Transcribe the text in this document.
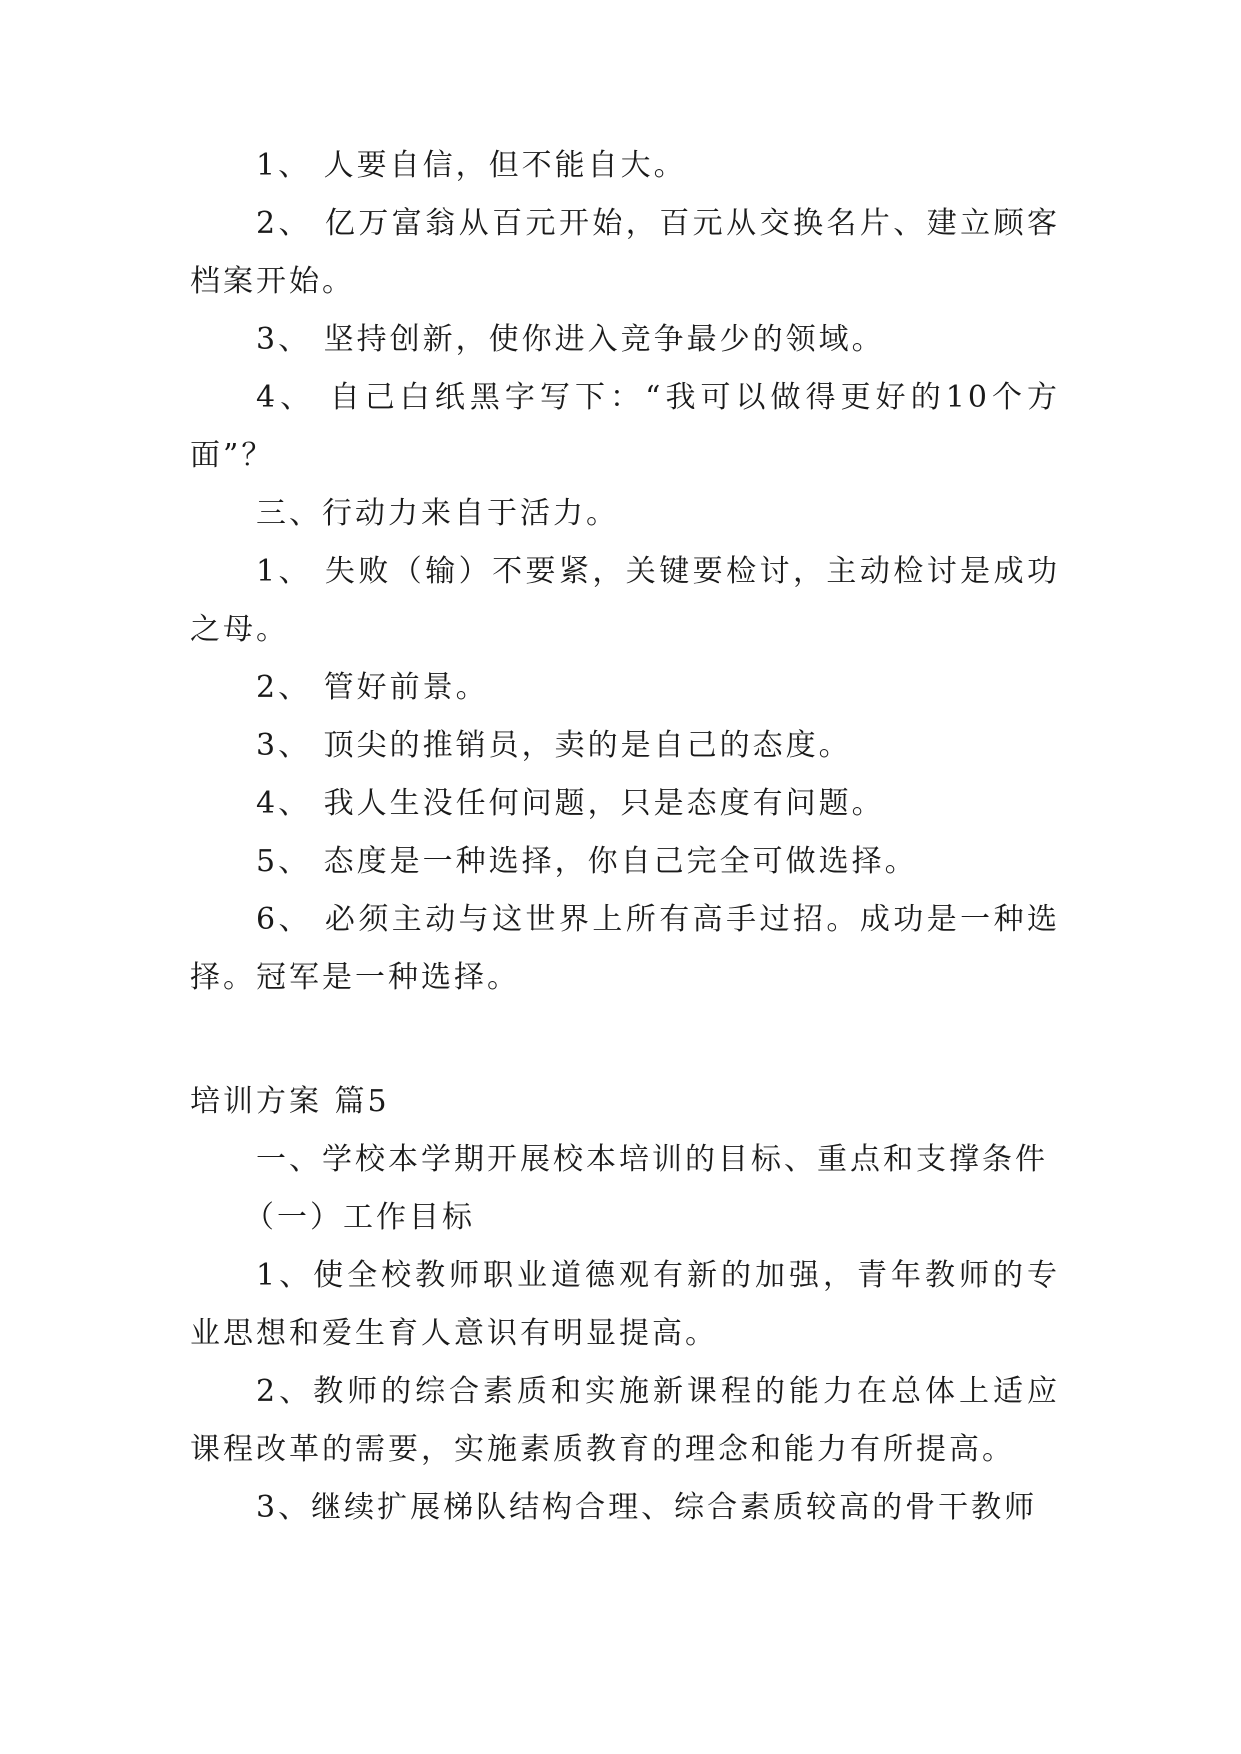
1、 人要自信，但不能自大。

2、 亿万富翁从百元开始，百元从交换名片、建立顾客档案开始。

3、 坚持创新，使你进入竞争最少的领域。

4、 自己白纸黑字写下：“我可以做得更好的10个方面”？

三、行动力来自于活力。

1、 失败（输）不要紧，关键要检讨，主动检讨是成功之母。

2、 管好前景。

3、 顶尖的推销员，卖的是自己的态度。

4、 我人生没任何问题，只是态度有问题。

5、 态度是一种选择，你自己完全可做选择。

6、 必须主动与这世界上所有高手过招。成功是一种选择。冠军是一种选择。

培训方案 篇5

一、学校本学期开展校本培训的目标、重点和支撑条件

（一）工作目标

1、使全校教师职业道德观有新的加强，青年教师的专业思想和爱生育人意识有明显提高。

2、教师的综合素质和实施新课程的能力在总体上适应课程改革的需要，实施素质教育的理念和能力有所提高。

3、继续扩展梯队结构合理、综合素质较高的骨干教师
